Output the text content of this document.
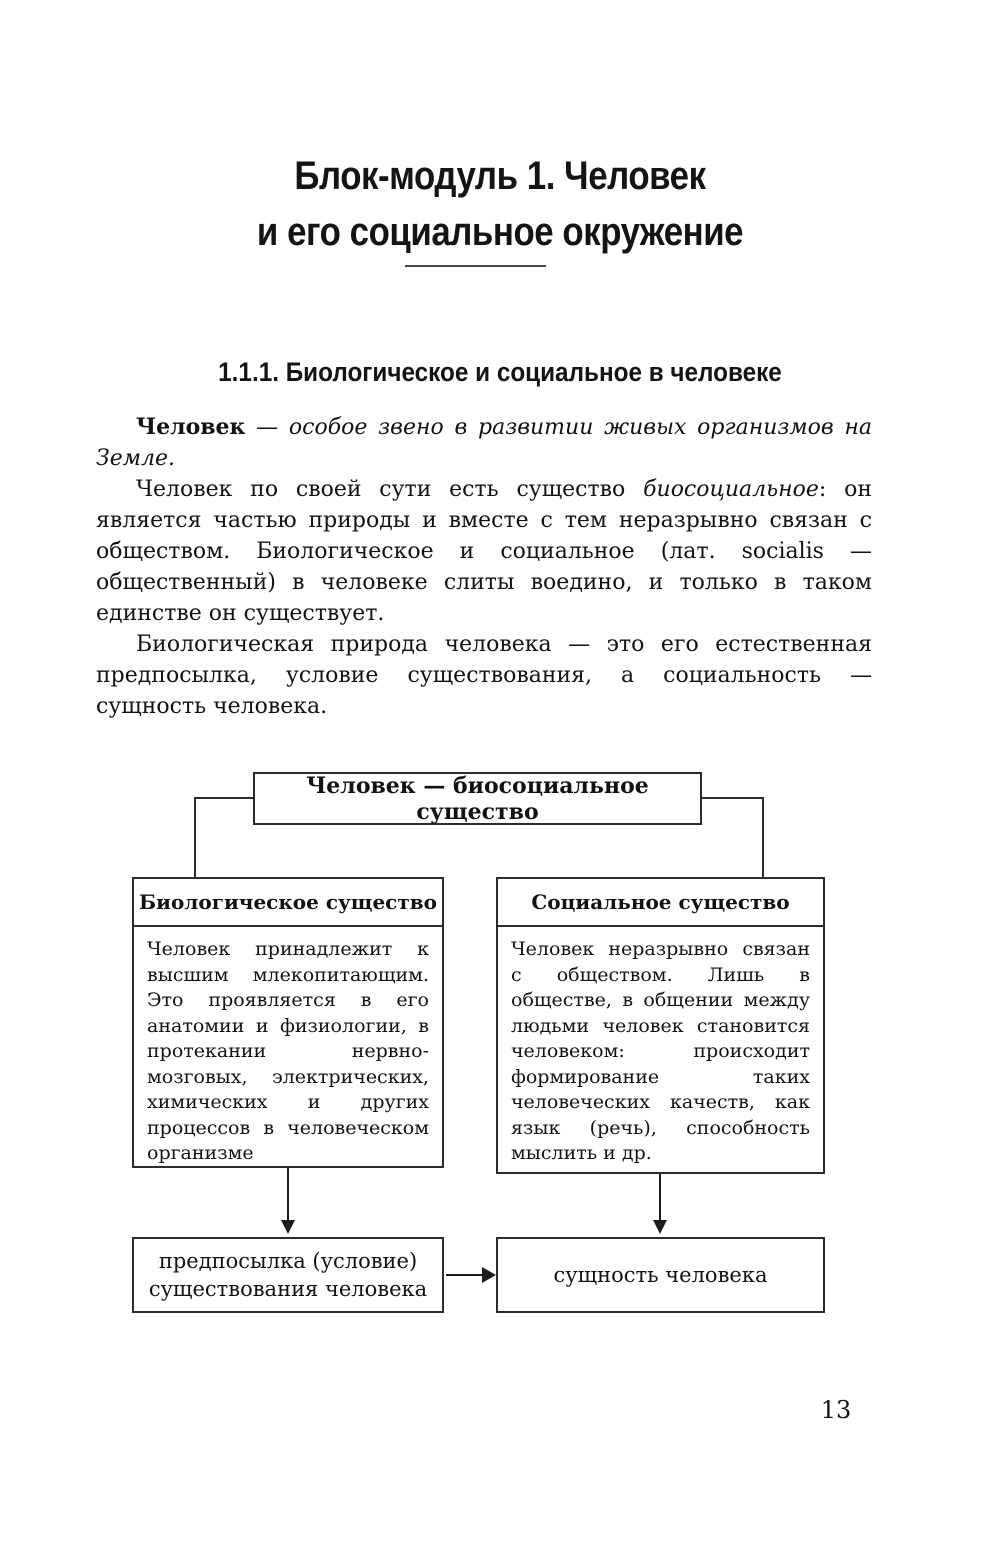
Блок-модуль 1. Человек
и его социальное окружение
1.1.1. Биологическое и социальное в человеке

Человек — особое звено в развитии живых организмов на Земле.

Человек по своей сути есть существо биосоциальное: он является частью природы и вместе с тем неразрывно связан с обществом. Биологическое и социальное (лат. socialis — общественный) в человеке слиты воедино, и только в таком единстве он существует.

Биологическая природа человека — это его естественная предпосылка, условие существования, а социальность — сущность человека.

Человек — биосоциальное существо
Биологическое существо
Человек принадлежит к высшим млекопитающим. Это проявляется в его анатомии и физиологии, в протекании нервно-мозговых, электрических, химических и других процессов в человеческом организме
Социальное существо
Человек неразрывно связан с обществом. Лишь в обществе, в общении между людьми человек становится человеком: происходит формирование таких человеческих качеств, как язык (речь), способность мыслить и др.
предпосылка (условие) существования человека
сущность человека
13
